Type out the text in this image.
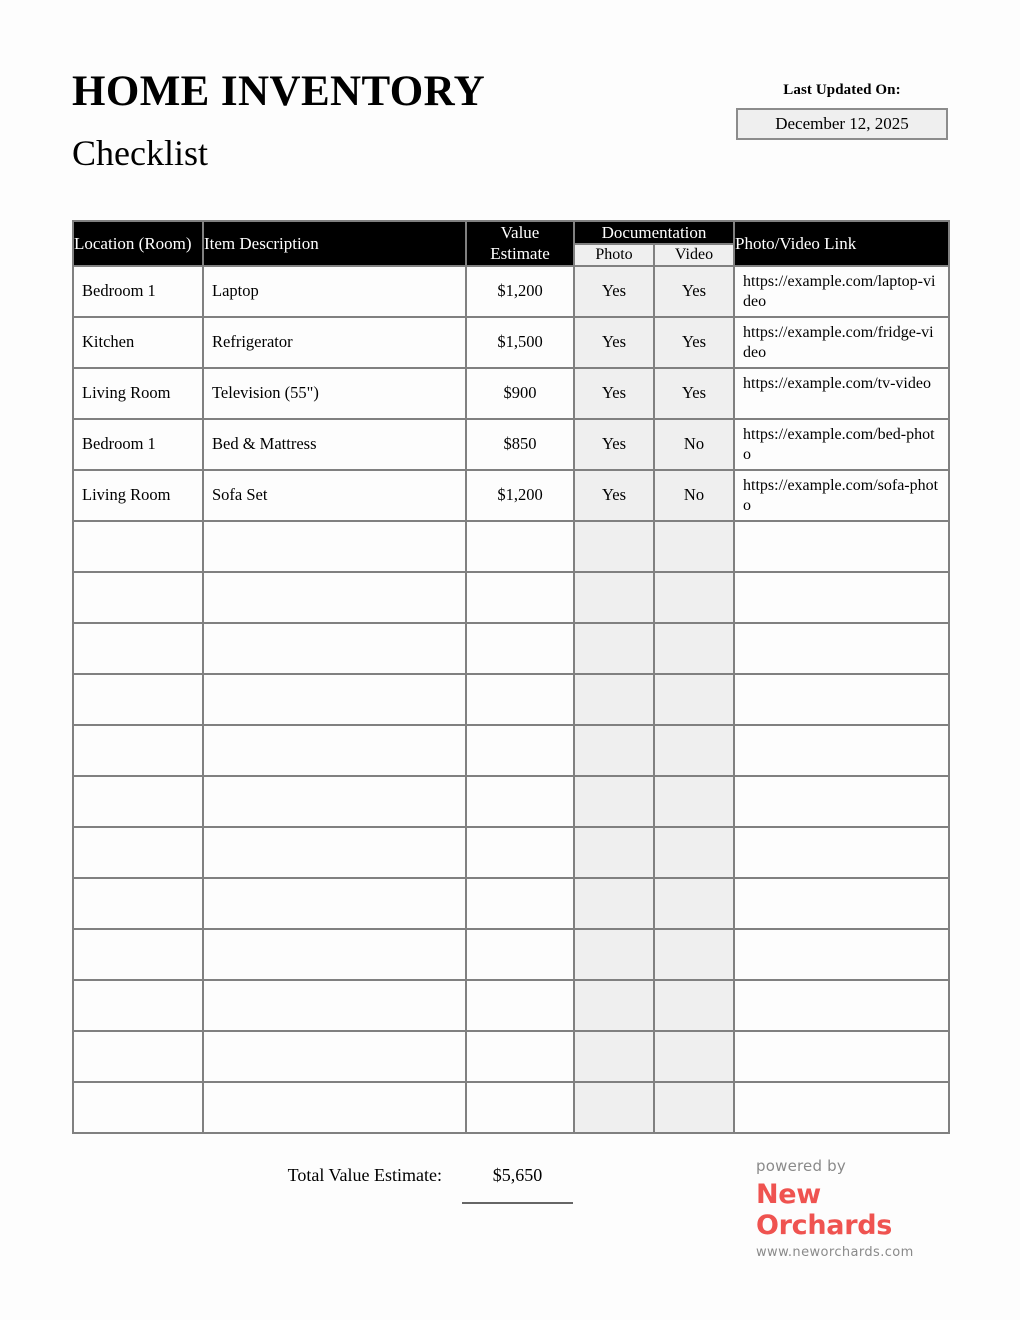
HOME INVENTORY
Checklist
Last Updated On:
December 12, 2025
Location (Room)	Item Description	Value Estimate	Documentation		Photo/Video Link
			Photo	Video	
Bedroom 1	Laptop	$1,200	Yes	Yes	https://example.com/laptop-video
Kitchen	Refrigerator	$1,500	Yes	Yes	https://example.com/fridge-video
Living Room	Television (55")	$900	Yes	Yes	https://example.com/tv-video
Bedroom 1	Bed & Mattress	$850	Yes	No	https://example.com/bed-photo
Living Room	Sofa Set	$1,200	Yes	No	https://example.com/sofa-photo

Total Value Estimate:	$5,650	powered by
New Orchards
www.neworchards.com
